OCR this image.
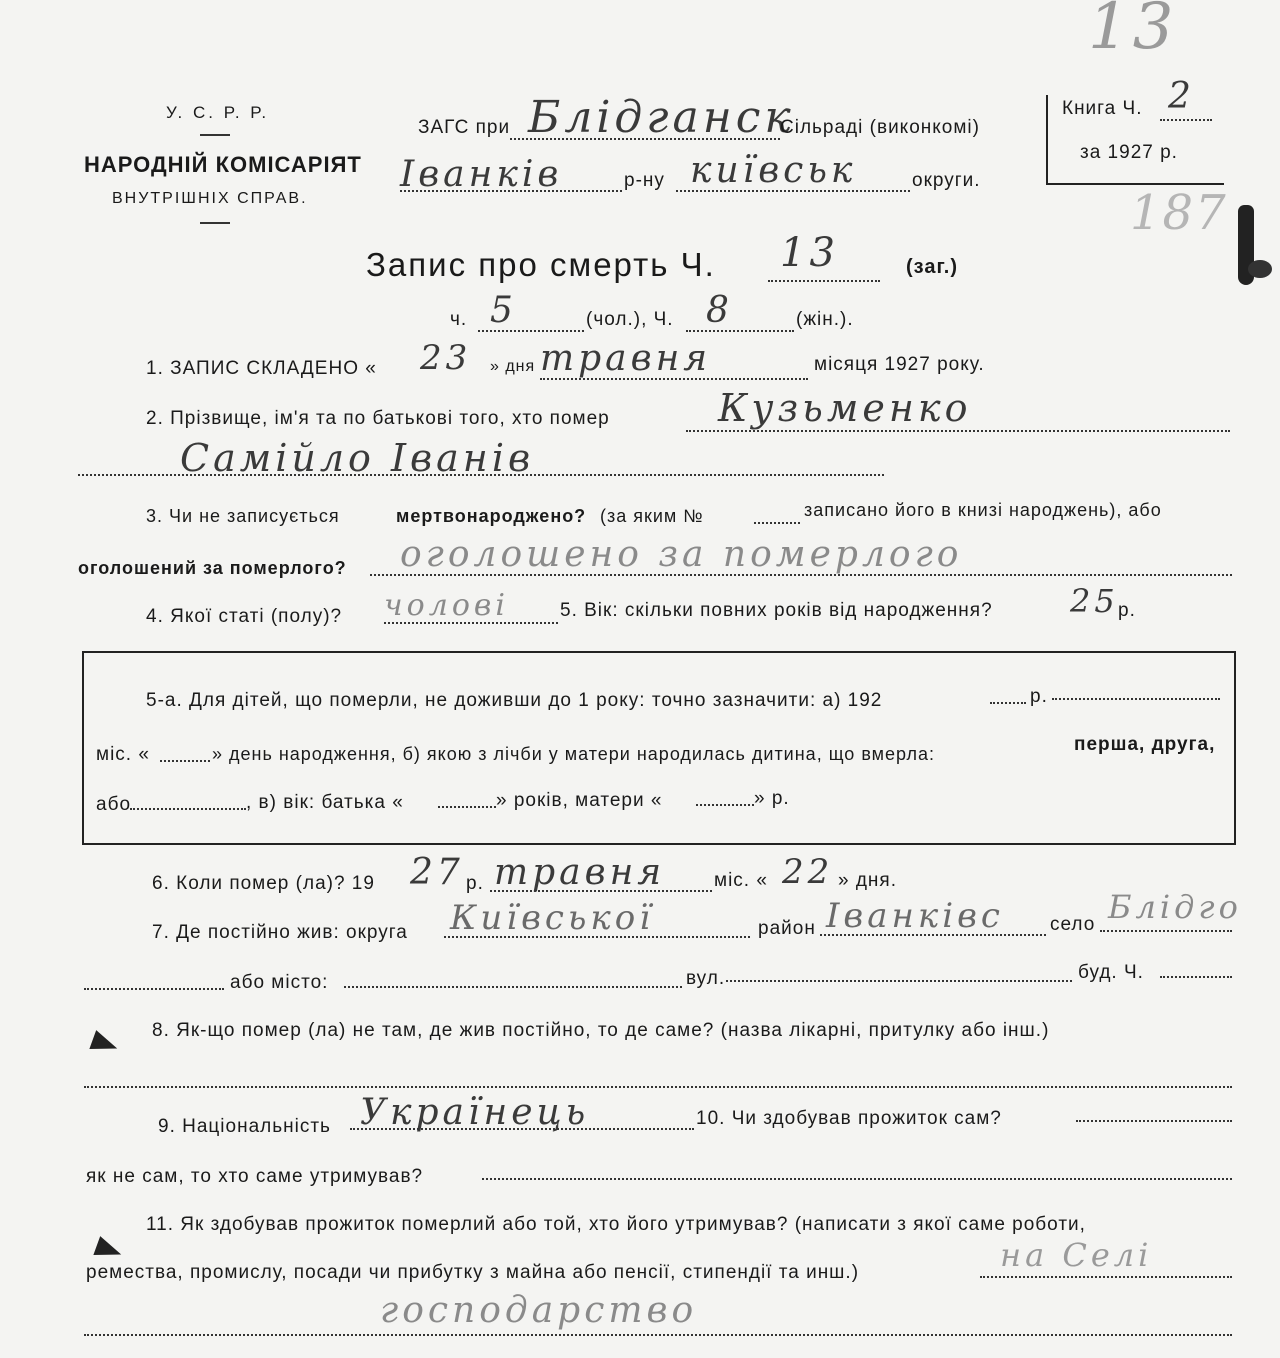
13
187
У. С. Р. Р.
НАРОДНІЙ КОМІСАРІЯТ
ВНУТРІШНІХ СПРАВ.
ЗАГС при Блідганск
Сільраді (виконкомі)
Іванків	р-ну київськ	округи.
Книга Ч. 2
за 1927 р.
Запис про смерть Ч. 13	(заг.)
ч. 5	(чол.), Ч. 8	(жін.).
1. ЗАПИС СКЛАДЕНО « 23 » дня травня	місяця 1927 року.
2. Прізвище, ім'я та по батькові того, хто помер	Кузьменко
Самійло Іванів
3. Чи не записується	мертвонароджено? (за яким №	записано його в книзі народжень), або
оголошений за померлого? оголошено за померлого
4. Якої статі (полу)? чолові	5. Вік: скільки повних років від народження? 25 р.
5-а. Для дітей, що померли, не доживши до 1 року: точно зазначити: а) 192	р.
міс. «	» день народження, б) якою з лічби у матери народилась дитина, що вмерла:	перша, друга,
або	, в) вік: батька «	» років, матери «	» р.
6. Коли помер (ла)? 19 27 р. травня	міс. « 22 » дня.
7. Де постійно жив: округа Київської	район Іванківс село Блідго
або місто:	вул.	буд. Ч.
8. Як-що помер (ла) не там, де жив постійно, то де саме? (назва лікарні, притулку або інш.)
9. Національність Українець	10. Чи здобував прожиток сам?
як не сам, то хто саме утримував?
11. Як здобував прожиток померлий або той, хто його утримував? (написати з якої саме роботи,
ремества, промислу, посади чи прибутку з майна або пенсії, стипендії та инш.)	на Селі
господарство
